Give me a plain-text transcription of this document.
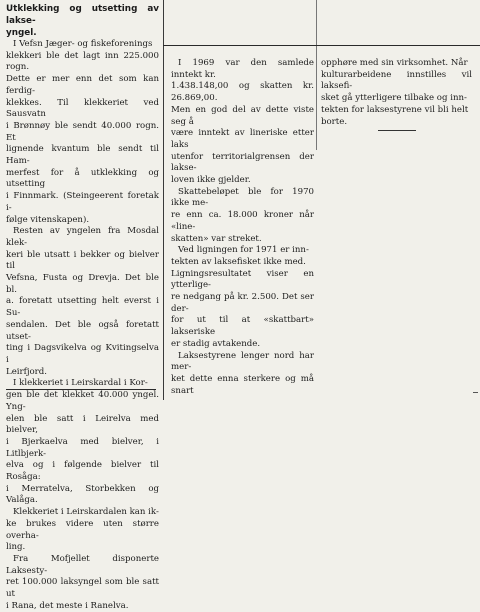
Utklekking og utsetting av lakse-
yngel.

I Vefsn Jæger- og fiskeforenings
klekkeri ble det lagt inn 225.000 rogn.
Dette er mer enn det som kan ferdig-
klekkes. Til klekkeriet ved Sausvatn
i Brønnøy ble sendt 40.000 rogn. Et
lignende kvantum ble sendt til Ham-
merfest for å utklekking og utsetting
i Finnmark. (Steingeerent foretak i-
følge vitenskapen).

Resten av yngelen fra Mosdal klek-
keri ble utsatt i bekker og bielver til
Vefsna, Fusta og Drevja. Det ble bl.
a. foretatt utsetting helt everst i Su-
sendalen. Det ble også foretatt utset-
ting i Dagsvikelva og Kvitingselva i
Leirfjord.

I klekkeriet i Leirskardal i Kor-
gen ble det klekket 40.000 yngel. Yng-
elen ble satt i Leirelva med bielver,
i Bjerkaelva med bielver, i Litlbjerk-
elva og i følgende bielver til Rosåga:
i Merratelva, Storbekken og Valåga.

Klekkeriet i Leirskardalen kan ik-
ke brukes videre uten større overha-
ling.

Fra Mofjellet disponerte Laksesty-
ret 100.000 laksyngel som ble satt ut
i Rana, det meste i Ranelva.

I 1969 var den samlede inntekt kr.
1.438.148,00 og skatten kr. 26.869,00.
Men en god del av dette viste seg å
være inntekt av lineriske etter laks
utenfor territorialgrensen der lakse-
loven ikke gjelder.

Skattebeløpet ble for 1970 ikke me-
re enn ca. 18.000 kroner når «line-
skatten» var streket.

Ved ligningen for 1971 er inn-
tekten av laksefisket ikke med.
Ligningsresultatet viser en ytterlige-
re nedgang på kr. 2.500. Det ser der-
for ut til at «skattbart» lakseriske
er stadig avtakende.

Laksestyrene lenger nord har mer-
ket dette enna sterkere og må snart

opphøre med sin virksomhet. Når
kulturarbeidene innstilles vil laksefi-
sket gå ytterligere tilbake og inn-
tekten for laksestyrene vil bli helt
borte.
